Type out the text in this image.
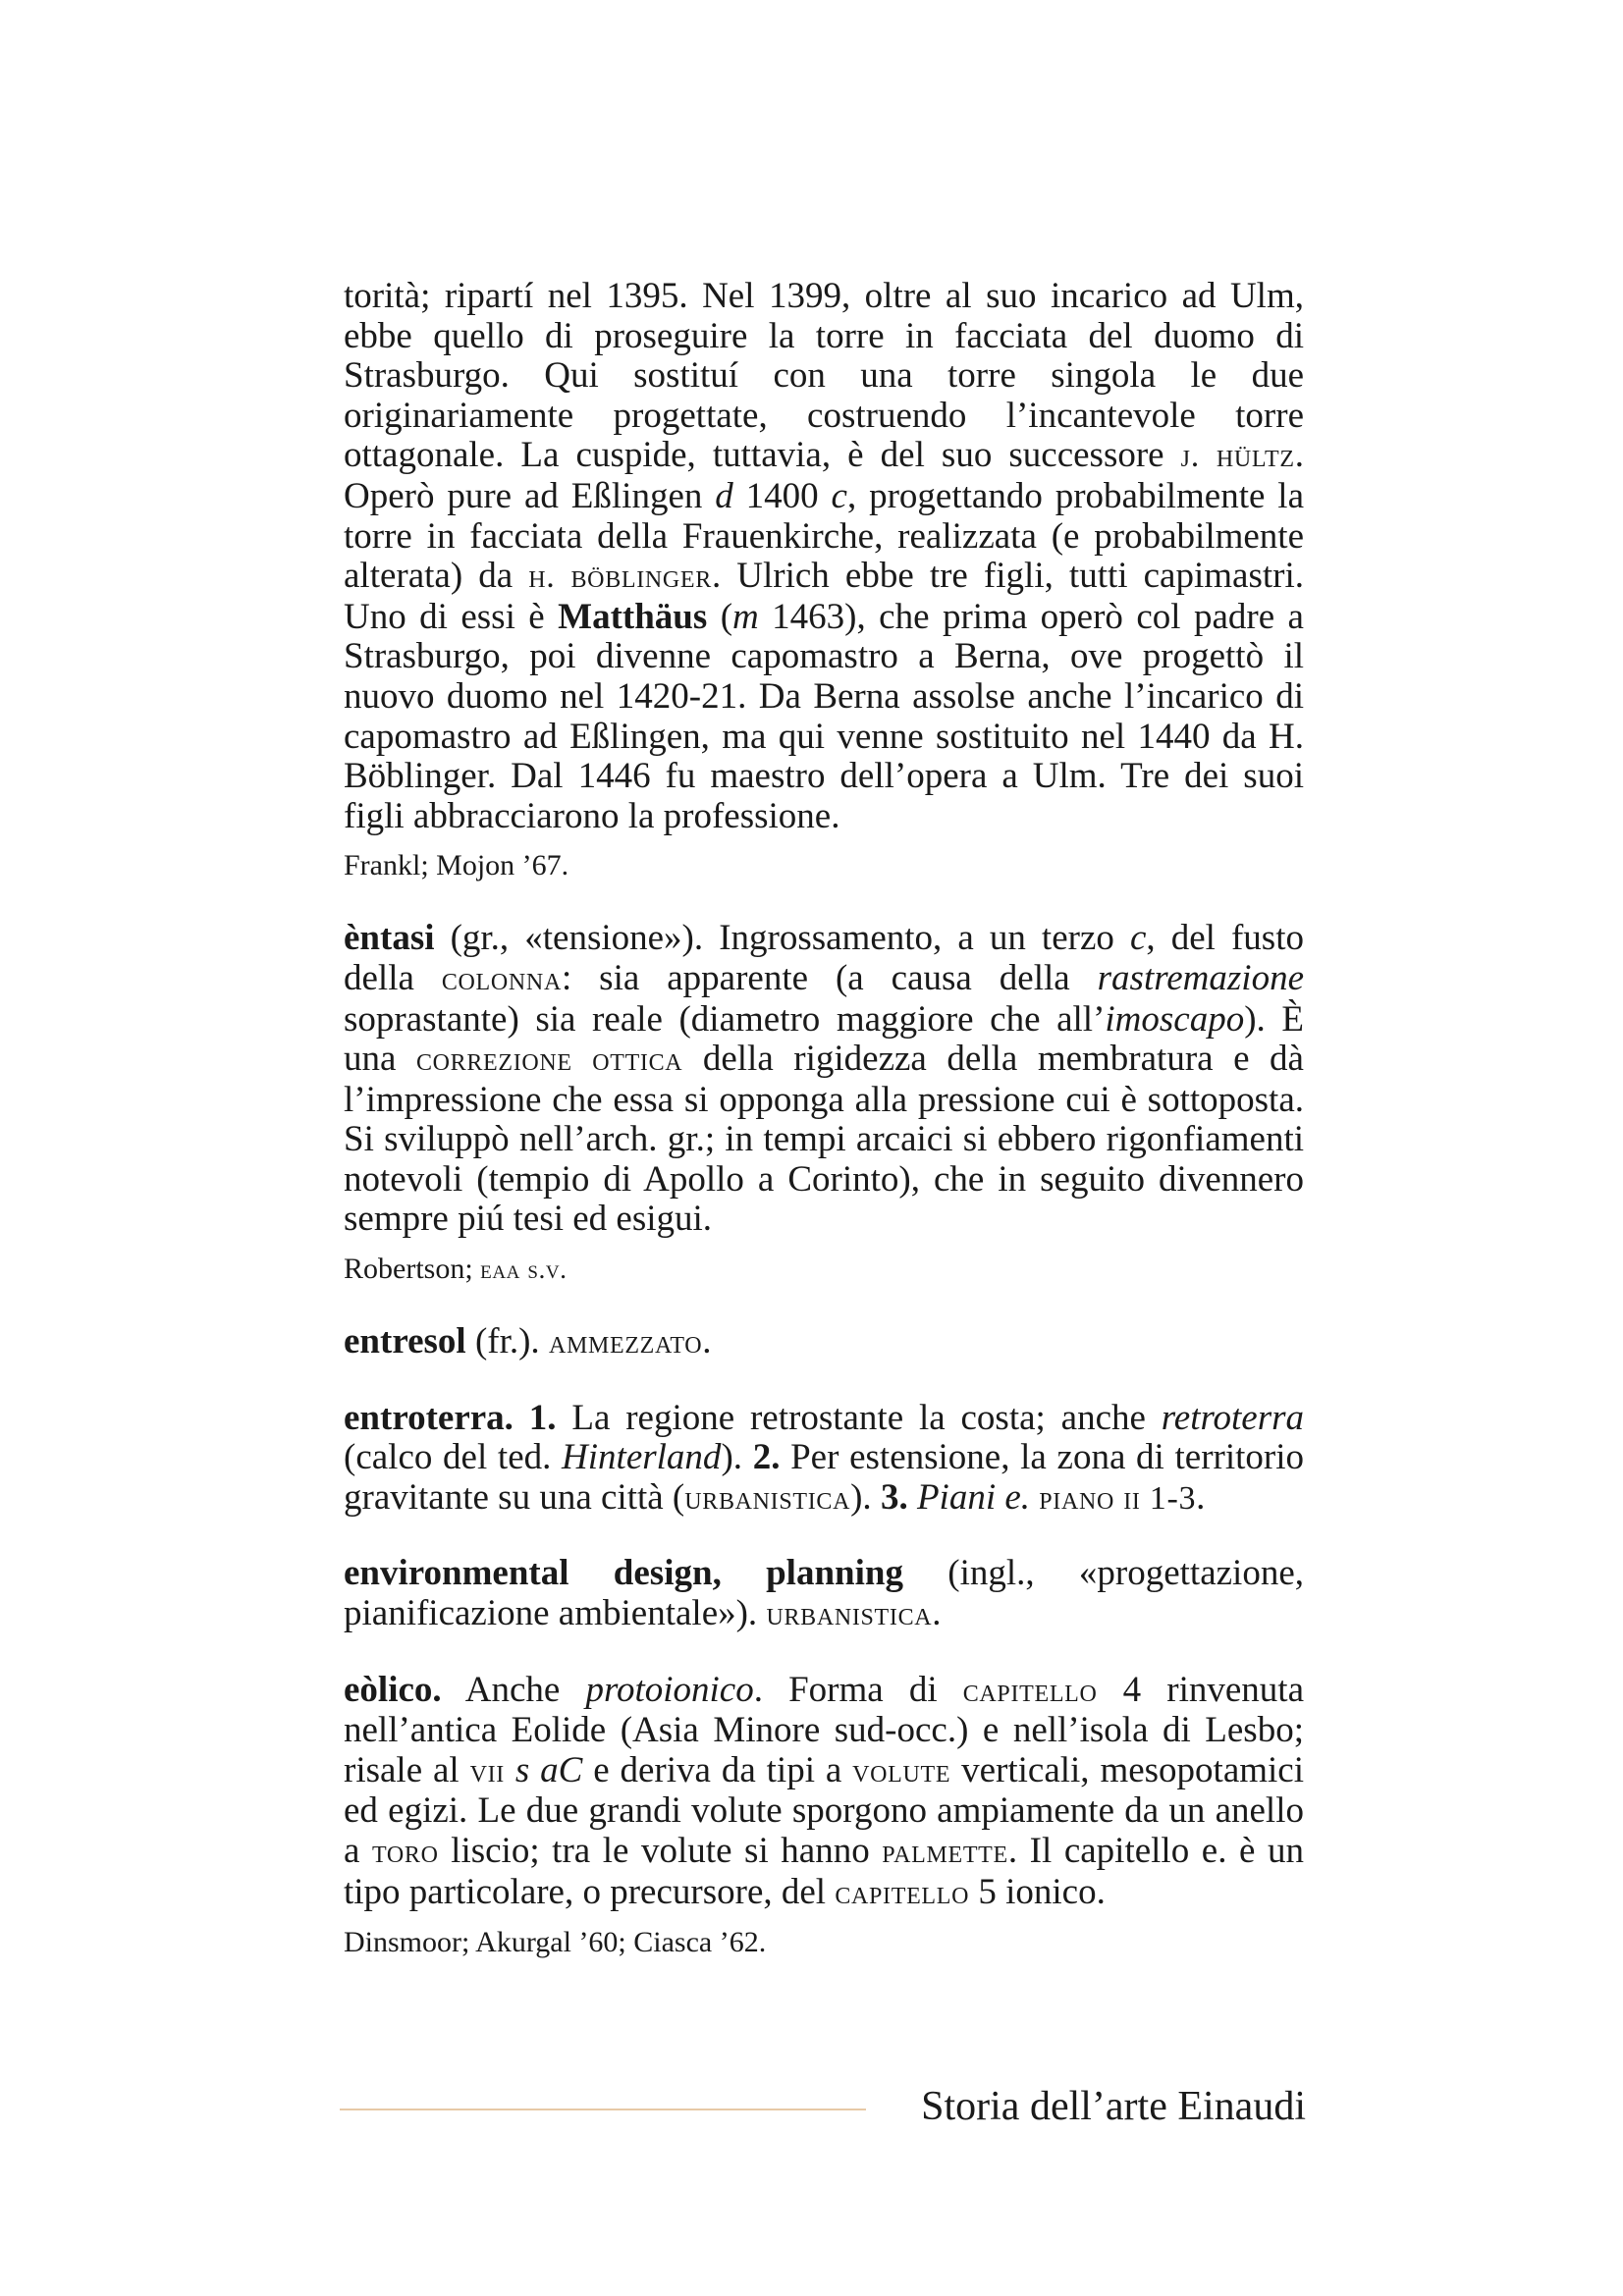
torità; ripartí nel 1395. Nel 1399, oltre al suo incarico ad Ulm, ebbe quello di proseguire la torre in facciata del duomo di Strasburgo. Qui sostituí con una torre singola le due originariamente progettate, costruendo l’incantevole torre ottagonale. La cuspide, tuttavia, è del suo successore j. hültz. Operò pure ad Eßlingen d 1400 c, progettando probabilmente la torre in facciata della Frauenkirche, realizzata (e probabilmente alterata) da h. böblinger. Ulrich ebbe tre figli, tutti capimastri. Uno di essi è Matthäus (m 1463), che prima operò col padre a Strasburgo, poi divenne capomastro a Berna, ove progettò il nuovo duomo nel 1420-21. Da Berna assolse anche l’incarico di capomastro ad Eßlingen, ma qui venne sostituito nel 1440 da H. Böblinger. Dal 1446 fu maestro dell’opera a Ulm. Tre dei suoi figli abbracciarono la professione.

Frankl; Mojon ’67.

èntasi (gr., «tensione»). Ingrossamento, a un terzo c, del fusto della colonna: sia apparente (a causa della rastremazione soprastante) sia reale (diametro maggiore che all’imoscapo). È una correzione ottica della rigidezza della membratura e dà l’impressione che essa si opponga alla pressione cui è sottoposta. Si sviluppò nell’arch. gr.; in tempi arcaici si ebbero rigonfiamenti notevoli (tempio di Apollo a Corinto), che in seguito divennero sempre piú tesi ed esigui.

Robertson; eaa s.v.

entresol (fr.). ammezzato.

entroterra. 1. La regione retrostante la costa; anche retroterra (calco del ted. Hinterland). 2. Per estensione, la zona di territorio gravitante su una città (urbanistica). 3. Piani e. piano ii 1-3.

environmental design, planning (ingl., «progettazione, pianificazione ambientale»). urbanistica.

eòlico. Anche protoionico. Forma di capitello 4 rinvenuta nell’antica Eolide (Asia Minore sud-occ.) e nell’isola di Lesbo; risale al vii s aC e deriva da tipi a volute verticali, mesopotamici ed egizi. Le due grandi volute sporgono ampiamente da un anello a toro liscio; tra le volute si hanno palmette. Il capitello e. è un tipo particolare, o precursore, del capitello 5 ionico.

Dinsmoor; Akurgal ’60; Ciasca ’62.

Storia dell’arte Einaudi
